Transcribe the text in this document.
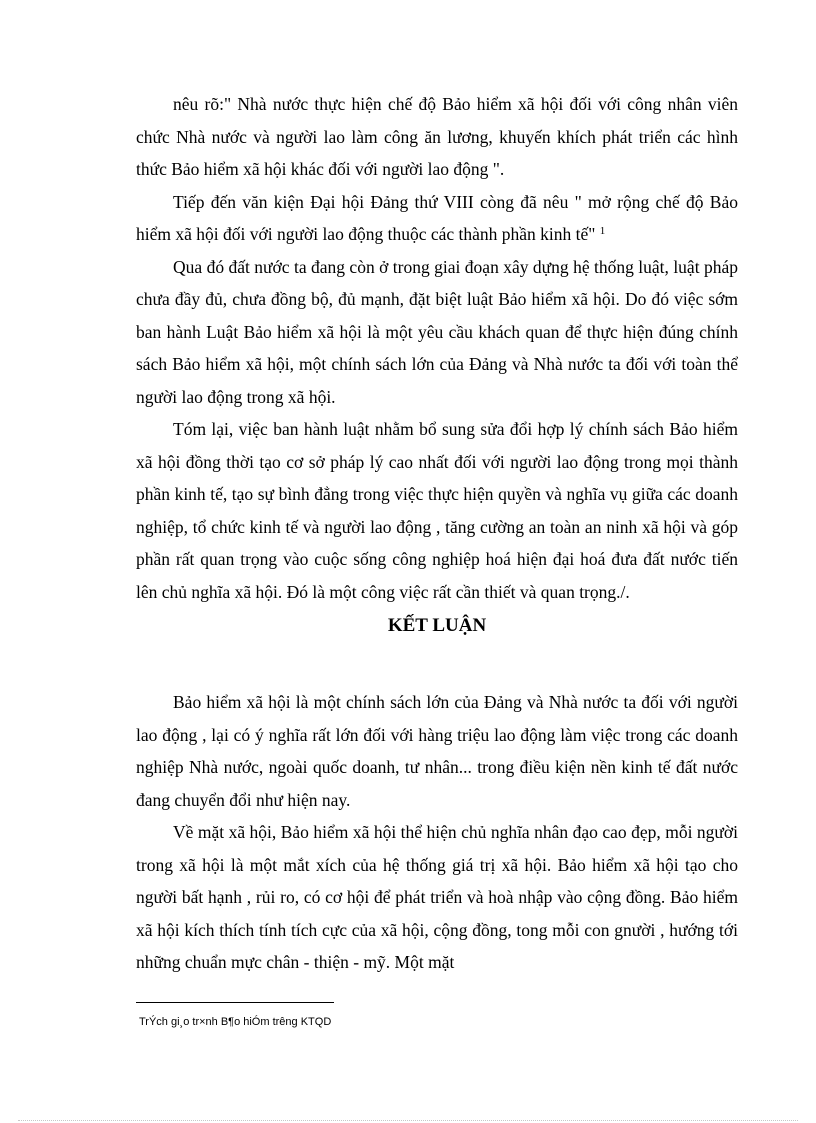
nêu rõ:" Nhà nước thực hiện chế độ Bảo hiểm xã hội đối với công nhân viên chức Nhà nước và người lao làm công ăn lương, khuyến khích phát triển các hình thức Bảo hiểm xã hội khác đối với người lao động ".

Tiếp đến văn kiện Đại hội Đảng thứ VIII còng đã nêu " mở rộng chế độ Bảo hiểm xã hội đối với người lao động thuộc các thành phần kinh tế" $^1$

Qua đó đất nước ta đang còn ở trong giai đoạn xây dựng hệ thống luật, luật pháp chưa đầy đủ, chưa đồng bộ, đủ mạnh, đặt biệt luật Bảo hiểm xã hội. Do đó việc sớm ban hành Luật Bảo hiểm xã hội là một yêu cầu khách quan để thực hiện đúng chính sách Bảo hiểm xã hội, một chính sách lớn của Đảng và Nhà nước ta đối với toàn thể người lao động trong xã hội.

Tóm lại, việc ban hành luật nhằm bổ sung sửa đổi hợp lý chính sách Bảo hiểm xã hội đồng thời tạo cơ sở pháp lý cao nhất đối với người lao động trong mọi thành phần kinh tế, tạo sự bình đẳng trong việc thực hiện quyền và nghĩa vụ giữa các doanh nghiệp, tổ chức kinh tế và người lao động , tăng cường an toàn an ninh xã hội và góp phần rất quan trọng vào cuộc sống công nghiệp hoá hiện đại hoá đưa đất nước tiến lên chủ nghĩa xã hội. Đó là một công việc rất cần thiết và quan trọng./.

KẾT LUẬN

Bảo hiểm xã hội là một chính sách lớn của Đảng và Nhà nước ta đối với người lao động , lại có ý nghĩa rất lớn đối với hàng triệu lao động làm việc trong các doanh nghiệp Nhà nước, ngoài quốc doanh, tư nhân... trong điều kiện nền kinh tế đất nước đang chuyển đổi như hiện nay.

Về mặt xã hội, Bảo hiểm xã hội thể hiện chủ nghĩa nhân đạo cao đẹp, mỗi người trong xã hội là một mắt xích của hệ thống giá trị xã hội. Bảo hiểm xã hội tạo cho người bất hạnh , rủi ro, có cơ hội để phát triển và hoà nhập vào cộng đồng. Bảo hiểm xã hội kích thích tính tích cực của xã hội, cộng đồng, tong mỗi con gnười , hướng tới những chuẩn mực chân - thiện - mỹ. Một mặt

TrÝch gi¸o tr×nh B¶o hiÓm trêng KTQD
